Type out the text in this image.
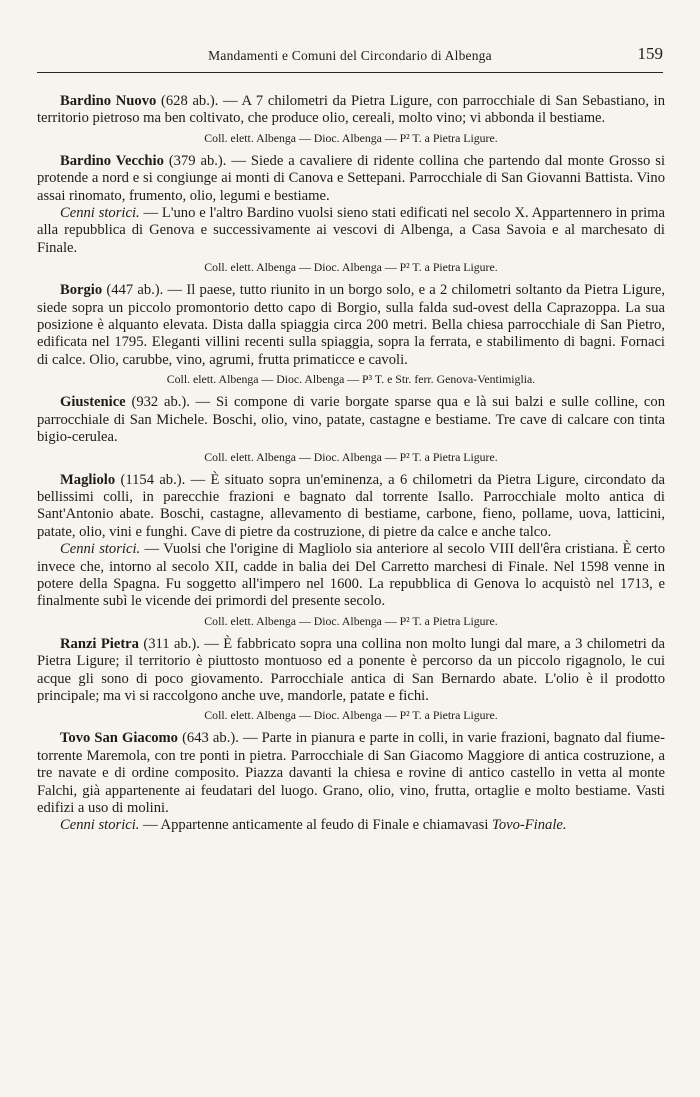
Mandamenti e Comuni del Circondario di Albenga	159

Bardino Nuovo (628 ab.). — A 7 chilometri da Pietra Ligure, con parrocchiale di San Sebastiano, in territorio pietroso ma ben coltivato, che produce olio, cereali, molto vino; vi abbonda il bestiame.

Coll. elett. Albenga — Dioc. Albenga — P² T. a Pietra Ligure.

Bardino Vecchio (379 ab.). — Siede a cavaliere di ridente collina che partendo dal monte Grosso si protende a nord e si congiunge ai monti di Canova e Settepani. Parrocchiale di San Giovanni Battista. Vino assai rinomato, frumento, olio, legumi e bestiame.

Cenni storici. — L'uno e l'altro Bardino vuolsi sieno stati edificati nel secolo X. Appartennero in prima alla repubblica di Genova e successivamente ai vescovi di Albenga, a Casa Savoia e al marchesato di Finale.

Coll. elett. Albenga — Dioc. Albenga — P² T. a Pietra Ligure.

Borgio (447 ab.). — Il paese, tutto riunito in un borgo solo, e a 2 chilometri soltanto da Pietra Ligure, siede sopra un piccolo promontorio detto capo di Borgio, sulla falda sud-ovest della Caprazoppa. La sua posizione è alquanto elevata. Dista dalla spiaggia circa 200 metri. Bella chiesa parrocchiale di San Pietro, edificata nel 1795. Eleganti villini recenti sulla spiaggia, sopra la ferrata, e stabilimento di bagni. Fornaci di calce. Olio, carubbe, vino, agrumi, frutta primaticce e cavoli.

Coll. elett. Albenga — Dioc. Albenga — P³ T. e Str. ferr. Genova-Ventimiglia.

Giustenice (932 ab.). — Si compone di varie borgate sparse qua e là sui balzi e sulle colline, con parrocchiale di San Michele. Boschi, olio, vino, patate, castagne e bestiame. Tre cave di calcare con tinta bigio-cerulea.

Coll. elett. Albenga — Dioc. Albenga — P² T. a Pietra Ligure.

Magliolo (1154 ab.). — È situato sopra un'eminenza, a 6 chilometri da Pietra Ligure, circondato da bellissimi colli, in parecchie frazioni e bagnato dal torrente Isallo. Parrocchiale molto antica di Sant'Antonio abate. Boschi, castagne, allevamento di bestiame, carbone, fieno, pollame, uova, latticini, patate, olio, vini e funghi. Cave di pietre da costruzione, di pietre da calce e anche talco.

Cenni storici. — Vuolsi che l'origine di Magliolo sia anteriore al secolo VIII dell'êra cristiana. È certo invece che, intorno al secolo XII, cadde in balia dei Del Carretto marchesi di Finale. Nel 1598 venne in potere della Spagna. Fu soggetto all'impero nel 1600. La repubblica di Genova lo acquistò nel 1713, e finalmente subì le vicende dei primordi del presente secolo.

Coll. elett. Albenga — Dioc. Albenga — P² T. a Pietra Ligure.

Ranzi Pietra (311 ab.). — È fabbricato sopra una collina non molto lungi dal mare, a 3 chilometri da Pietra Ligure; il territorio è piuttosto montuoso ed a ponente è percorso da un piccolo rigagnolo, le cui acque gli sono di poco giovamento. Parrocchiale antica di San Bernardo abate. L'olio è il prodotto principale; ma vi si raccolgono anche uve, mandorle, patate e fichi.

Coll. elett. Albenga — Dioc. Albenga — P² T. a Pietra Ligure.

Tovo San Giacomo (643 ab.). — Parte in pianura e parte in colli, in varie frazioni, bagnato dal fiume-torrente Maremola, con tre ponti in pietra. Parrocchiale di San Giacomo Maggiore di antica costruzione, a tre navate e di ordine composito. Piazza davanti la chiesa e rovine di antico castello in vetta al monte Falchi, già appartenente ai feudatari del luogo. Grano, olio, vino, frutta, ortaglie e molto bestiame. Vasti edifizi a uso di molini.

Cenni storici. — Appartenne anticamente al feudo di Finale e chiamavasi Tovo-Finale.
